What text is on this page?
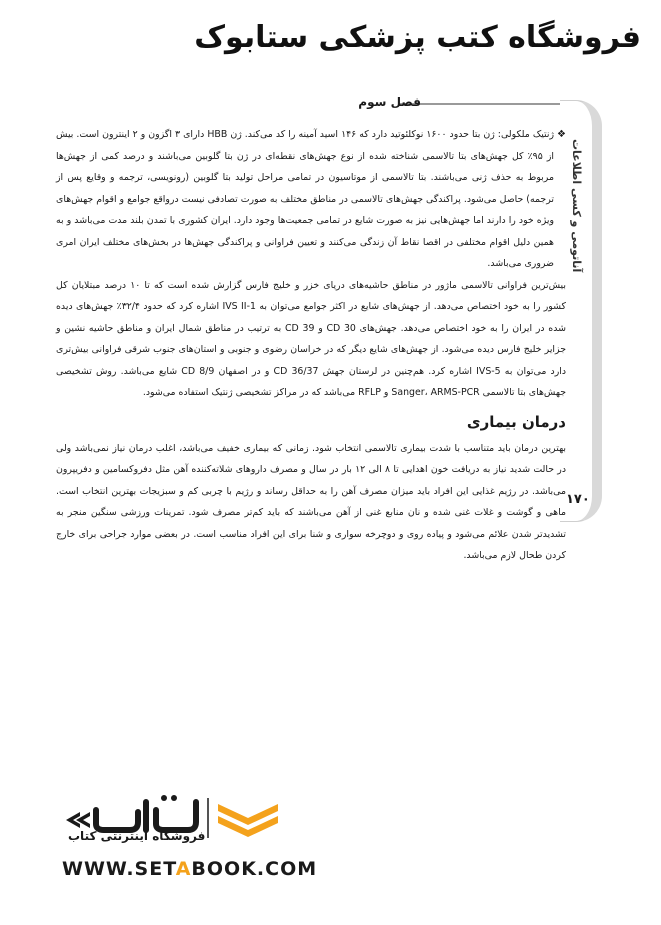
فروشگاه کتب پزشکی ستابوک
فصل سوم
آناتومی و کسی اطلاعات
۱۷۰

❖
ژنتیک ملکولی: ژن بتا حدود ۱۶۰۰ نوکلئوتید دارد که ۱۴۶ اسید آمینه را کد می‌کند. ژن HBB دارای ۳ اگزون و ۲ اینترون است. بیش از ۹۵٪ کل جهش‌های بتا تالاسمی شناخته شده از نوع جهش‌های نقطه‌ای در ژن بتا گلوبین می‌باشند و درصد کمی از جهش‌ها مربوط به حذف ژنی می‌باشند. بتا تالاسمی از موتاسیون در تمامی مراحل تولید بتا گلوبین (رونویسی، ترجمه و وقایع پس از ترجمه) حاصل می‌شود. پراکندگی جهش‌های تالاسمی در مناطق مختلف به صورت تصادفی نیست درواقع جوامع و اقوام جهش‌های ویژه خود را دارند اما جهش‌هایی نیز به صورت شایع در تمامی جمعیت‌ها وجود دارد. ایران کشوری با تمدن بلند مدت می‌باشد و به همین دلیل اقوام مختلفی در اقصا نقاط آن زندگی می‌کنند و تعیین فراوانی و پراکندگی جهش‌ها در بخش‌های مختلف ایران امری ضروری می‌باشد.

بیش‌ترین فراوانی تالاسمی ماژور در مناطق حاشیه‌های دریای خزر و خلیج فارس گزارش شده است که تا ۱۰ درصد مبتلایان کل کشور را به خود اختصاص می‌دهد. از جهش‌های شایع در اکثر جوامع می‌توان به IVS II-1 اشاره کرد که حدود ۳۲/۴٪ جهش‌های دیده شده در ایران را به خود اختصاص می‌دهد. جهش‌های CD 30 و CD 39 به ترتیب در مناطق شمال ایران و مناطق حاشیه نشین و جزایر خلیج فارس دیده می‌شود. از جهش‌های شایع دیگر که در خراسان رضوی و جنوبی و استان‌های جنوب شرقی فراوانی بیش‌تری دارد می‌توان به IVS-5 اشاره کرد. هم‌چنین در لرستان جهش CD 36/37 و در اصفهان CD 8/9 شایع می‌باشد. روش تشخیصی جهش‌های بتا تالاسمی Sanger، ARMS-PCR و RFLP می‌باشد که در مراکز تشخیصی ژنتیک استفاده می‌شود.

درمان بیماری

بهترین درمان باید متناسب با شدت بیماری تالاسمی انتخاب شود. زمانی که بیماری خفیف می‌باشد، اغلب درمان نیاز نمی‌باشد ولی در حالت شدید نیاز به دریافت خون اهدایی تا ۸ الی ۱۲ بار در سال و مصرف داروهای شلاته‌کننده آهن مثل دفروکسامین و دفریپرون می‌باشد. در رژیم غذایی این افراد باید میزان مصرف آهن را به حداقل رساند و رژیم با چربی کم و سبزیجات بهترین انتخاب است. ماهی و گوشت و غلات غنی شده و نان منابع غنی از آهن می‌باشند که باید کم‌تر مصرف شود. تمرینات ورزشی سنگین منجر به تشدید‌تر شدن علائم می‌شود و پیاده روی و دوچرخه سواری و شنا برای این افراد مناسب است. در بعضی موارد جراحی برای خارج کردن طحال لازم می‌باشد.

فروشگاه اینترنتی کتاب
WWW.SETABOOK.COM
